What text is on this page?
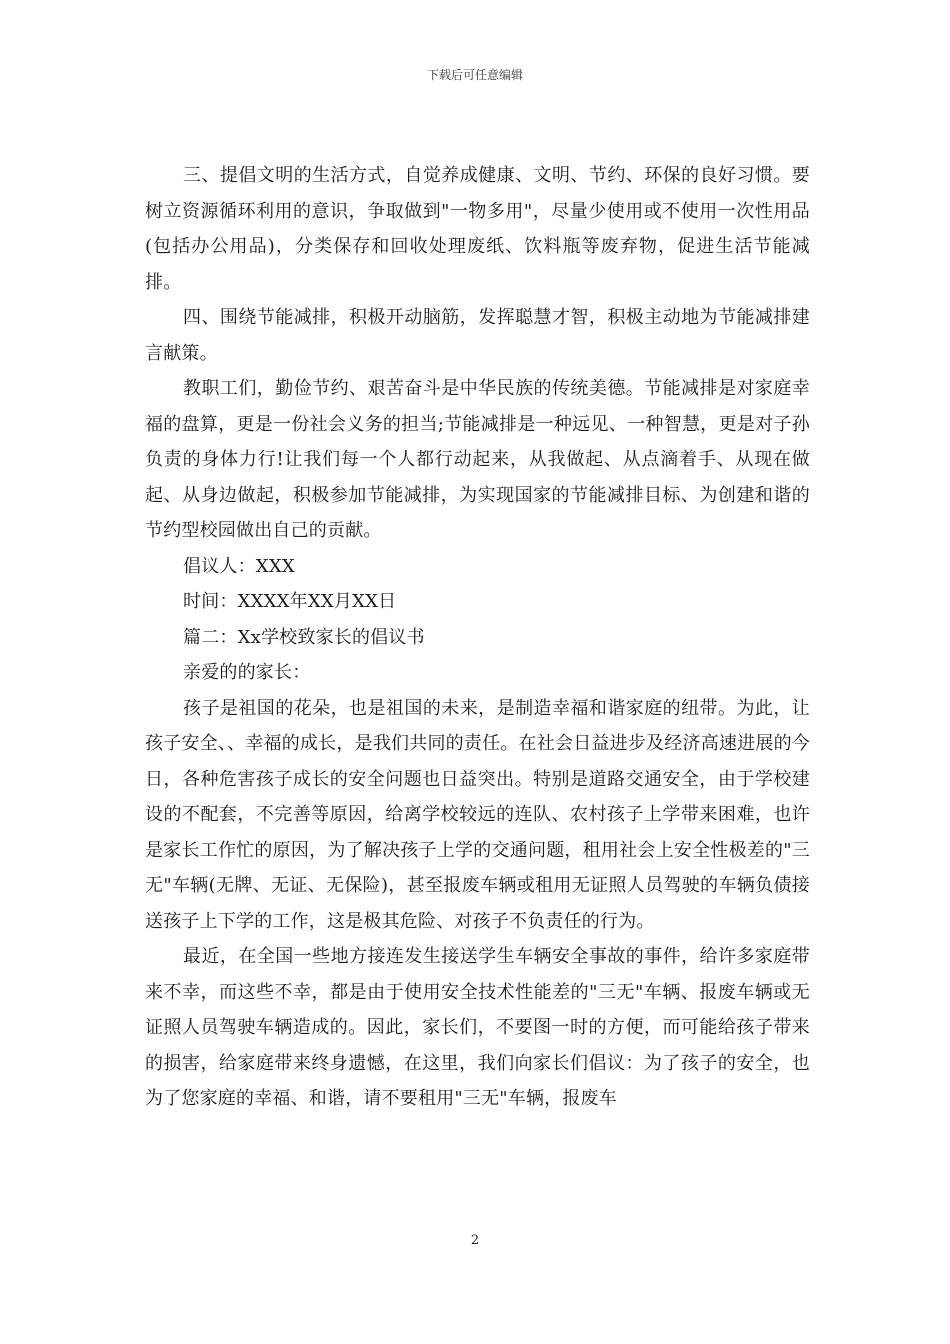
下载后可任意编辑

三、提倡文明的生活方式，自觉养成健康、文明、节约、环保的良好习惯。要树立资源循环利用的意识，争取做到"一物多用"，尽量少使用或不使用一次性用品(包括办公用品)，分类保存和回收处理废纸、饮料瓶等废弃物，促进生活节能减排。

四、围绕节能减排，积极开动脑筋，发挥聪慧才智，积极主动地为节能减排建言献策。

教职工们，勤俭节约、艰苦奋斗是中华民族的传统美德。节能减排是对家庭幸福的盘算，更是一份社会义务的担当;节能减排是一种远见、一种智慧，更是对子孙负责的身体力行!让我们每一个人都行动起来，从我做起、从点滴着手、从现在做起、从身边做起，积极参加节能减排，为实现国家的节能减排目标、为创建和谐的节约型校园做出自己的贡献。

倡议人：XXX

时间：XXXX年XX月XX日

篇二：Xx学校致家长的倡议书

亲爱的的家长：

孩子是祖国的花朵，也是祖国的未来，是制造幸福和谐家庭的纽带。为此，让孩子安全、、幸福的成长，是我们共同的责任。在社会日益进步及经济高速进展的今日，各种危害孩子成长的安全问题也日益突出。特别是道路交通安全，由于学校建设的不配套，不完善等原因，给离学校较远的连队、农村孩子上学带来困难，也许是家长工作忙的原因，为了解决孩子上学的交通问题，租用社会上安全性极差的"三无"车辆(无牌、无证、无保险)，甚至报废车辆或租用无证照人员驾驶的车辆负债接送孩子上下学的工作，这是极其危险、对孩子不负责任的行为。

最近，在全国一些地方接连发生接送学生车辆安全事故的事件，给许多家庭带来不幸，而这些不幸，都是由于使用安全技术性能差的"三无"车辆、报废车辆或无证照人员驾驶车辆造成的。因此，家长们，不要图一时的方便，而可能给孩子带来的损害，给家庭带来终身遗憾，在这里，我们向家长们倡议：为了孩子的安全，也为了您家庭的幸福、和谐，请不要租用"三无"车辆，报废车

2
